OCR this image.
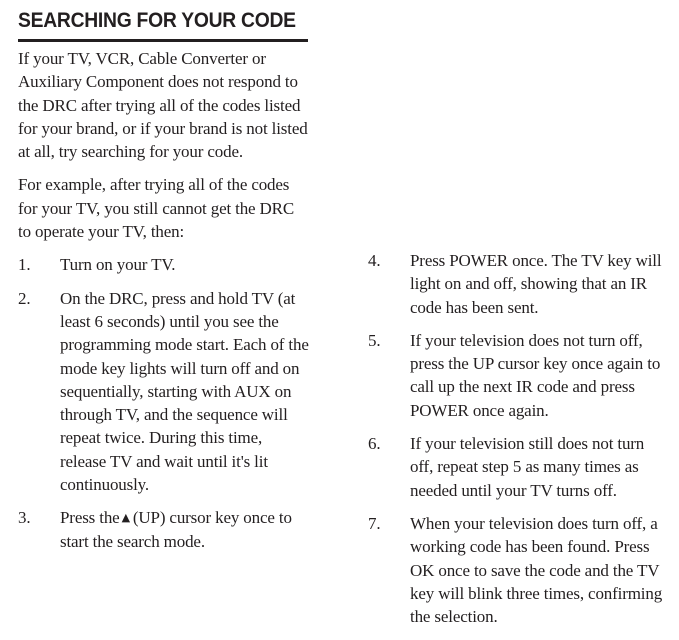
SEARCHING FOR YOUR CODE

If your TV, VCR, Cable Converter or Auxiliary Component does not respond to the DRC after trying all of the codes listed for your brand, or if your brand is not listed at all, try searching for your code.

For example, after trying all of the codes for your TV, you still cannot get the DRC to operate your TV, then:

1.	Turn on your TV.
2.	On the DRC, press and hold TV (at least 6 seconds) until you see the programming mode start. Each of the mode key lights will turn off and on sequentially, starting with AUX on through TV, and the sequence will repeat twice. During this time, release TV and wait until it's lit continuously.
3.	Press the ▲ (UP) cursor key once to start the search mode.
4.	Press POWER once. The TV key will light on and off, showing that an IR code has been sent.
5.	If your television does not turn off, press the UP cursor key once again to call up the next IR code and press POWER once again.
6.	If your television still does not turn off, repeat step 5 as many times as needed until your TV turns off.
7.	When your television does turn off, a working code has been found. Press OK once to save the code and the TV key will blink three times, confirming the selection.
